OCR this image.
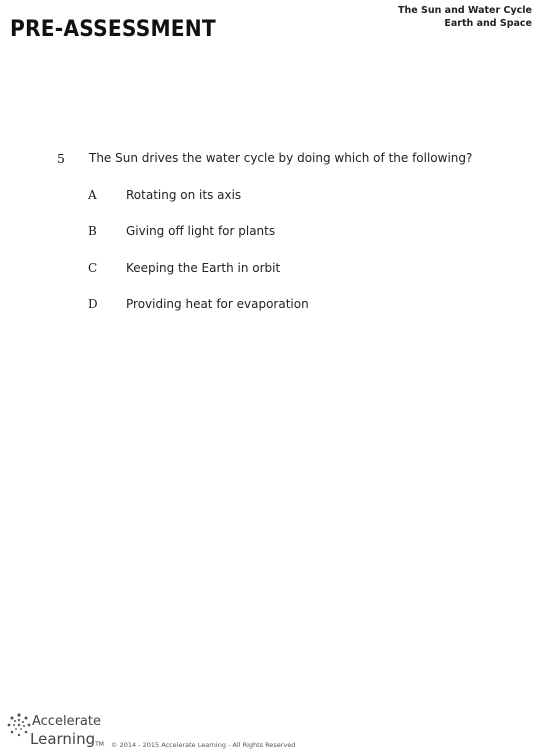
PRE-ASSESSMENT
The Sun and Water Cycle
Earth and Space
5 The Sun drives the water cycle by doing which of the following?
A Rotating on its axis
B Giving off light for plants
C Keeping the Earth in orbit
D Providing heat for evaporation
Accelerate
LearningTM © 2014 - 2015 Accelerate Learning - All Rights Reserved
